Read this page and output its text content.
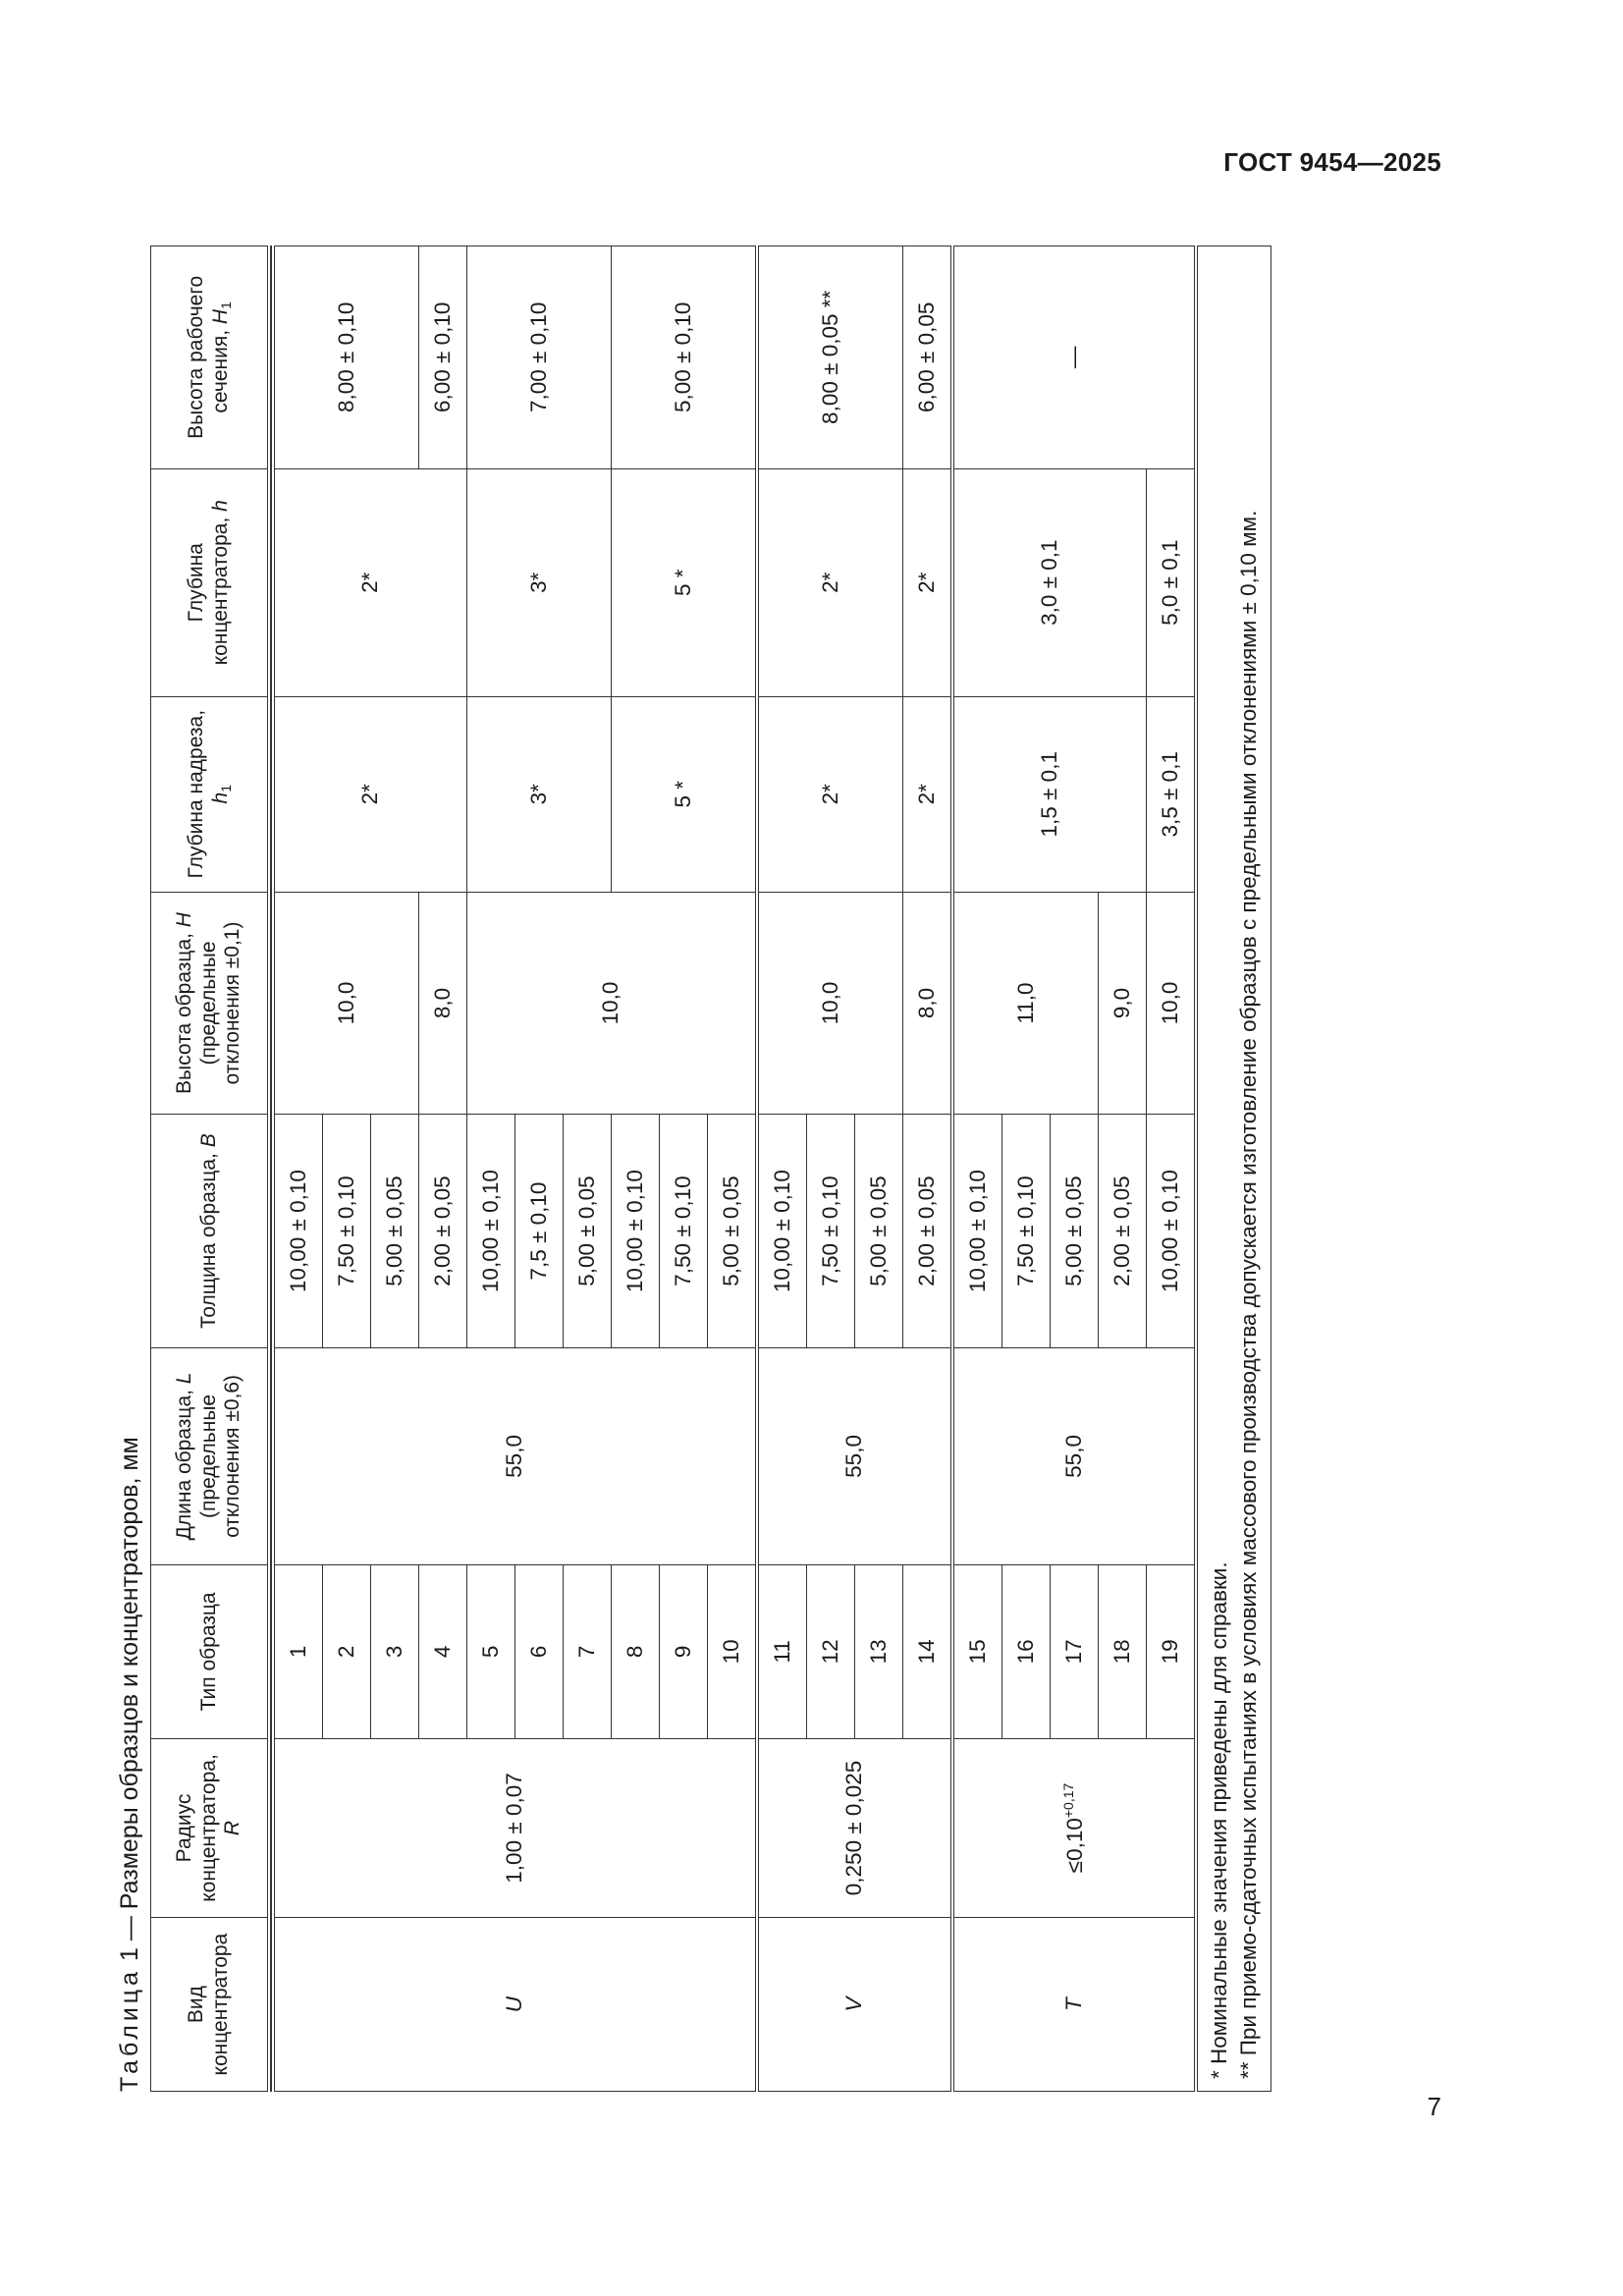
ГОСТ 9454—2025
7
Таблица 1 — Размеры образцов и концентраторов, мм
Вид концентратора	Радиус концентратора, R	Тип образца	Длина образца, L (предельные отклонения ±0,6)	Толщина образца, B	Высота образца, H (предельные отклонения ±0,1)	Глубина надреза, $h_1$	Глубина концентратора, h	Высота рабочего сечения, $H_1$

U	1,00 ± 0,07	1	55,0	10,00 ± 0,10	10,0	2*	2*	8,00 ± 0,10
		2		7,50 ± 0,10				
		3		5,00 ± 0,05				
		4		2,00 ± 0,05	8,0			6,00 ± 0,10
		5		10,00 ± 0,10	10,0	3*	3*	7,00 ± 0,10
		6		7,5 ± 0,10				
		7		5,00 ± 0,05				
		8		10,00 ± 0,10		5 *	5 *	5,00 ± 0,10
		9		7,50 ± 0,10				
		10		5,00 ± 0,05				
V	0,250 ± 0,025	11	55,0	10,00 ± 0,10	10,0	2*	2*	8,00 ± 0,05 **
		12		7,50 ± 0,10				
		13		5,00 ± 0,05				
		14		2,00 ± 0,05	8,0	2*	2*	6,00 ± 0,05
T	$\le 0,10^{+0,17}$	15	55,0	10,00 ± 0,10	11,0	1,5 ± 0,1	3,0 ± 0,1	—
		16		7,50 ± 0,10				
		17		5,00 ± 0,05				
		18		2,00 ± 0,05	9,0			
		19		10,00 ± 0,10	10,0	3,5 ± 0,1	5,0 ± 0,1	

* Номинальные значения приведены для справки. ** При приемо-сдаточных испытаниях в условиях массового производства допускается изготовление образцов с предельными отклонениями ± 0,10 мм.								
